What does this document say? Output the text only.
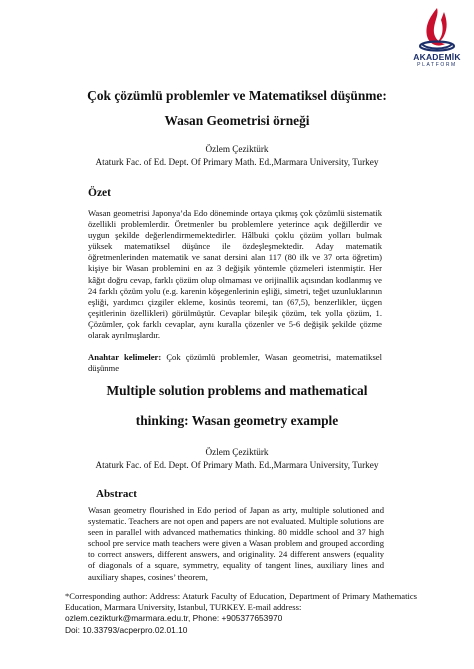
AKADEMİK
PLATFORM
Çok çözümlü problemler ve Matematiksel düşünme:
Wasan Geometrisi örneği
Özlem Çeziktürk
Ataturk Fac. of Ed. Dept. Of Primary Math. Ed.,Marmara University, Turkey
Özet

Wasan geometrisi Japonya’da Edo döneminde ortaya çıkmış çok çözümlü sistematik özellikli problemlerdir. Öretmenler bu problemlere yeterince açık değillerdir ve uygun şekilde değerlendirmemektedirler. Hâlbuki çoklu çözüm yolları bulmak yüksek matematiksel düşünce ile özdeşleşmektedir. Aday matematik öğretmenlerinden matematik ve sanat dersini alan 117 (80 ilk ve 37 orta öğretim) kişiye bir Wasan problemini en az 3 değişik yöntemle çözmeleri istenmiştir. Her kâğıt doğru cevap, farklı çözüm olup olmaması ve orijinallik açısından kodlanmış ve 24 farklı çözüm yolu (e.g. karenin köşegenlerinin eşliği, simetri, teğet uzunluklarının eşliği, yardımcı çizgiler ekleme, kosinüs teoremi, tan (67,5), benzerlikler, üçgen çeşitlerinin özellikleri) görülmüştür. Cevaplar bileşik çözüm, tek yolla çözüm, 1. Çözümler, çok farklı cevaplar, aynı kuralla çözenler ve 5-6 değişik şekilde çözme olarak ayrılmışlardır.

Anahtar kelimeler: Çok çözümlü problemler, Wasan geometrisi, matematiksel düşünme

Multiple solution problems and mathematical
thinking: Wasan geometry example
Özlem Çeziktürk
Ataturk Fac. of Ed. Dept. Of Primary Math. Ed.,Marmara University, Turkey
Abstract

Wasan geometry flourished in Edo period of Japan as arty, multiple solutioned and systematic. Teachers are not open and papers are not evaluated. Multiple solutions are seen in parallel with advanced mathematics thinking. 80 middle school and 37 high school pre service math teachers were given a Wasan problem and grouped according to correct answers, different answers, and originality. 24 different answers (equality of diagonals of a square, symmetry, equality of tangent lines, auxiliary lines and auxiliary shapes, cosines’ theorem,

*Corresponding author: Address: Ataturk Faculty of Education, Department of Primary Mathematics Education, Marmara University, Istanbul, TURKEY. E-mail address:
ozlem.cezikturk@marmara.edu.tr, Phone: +905377653970
Doi: 10.33793/acperpro.02.01.10
